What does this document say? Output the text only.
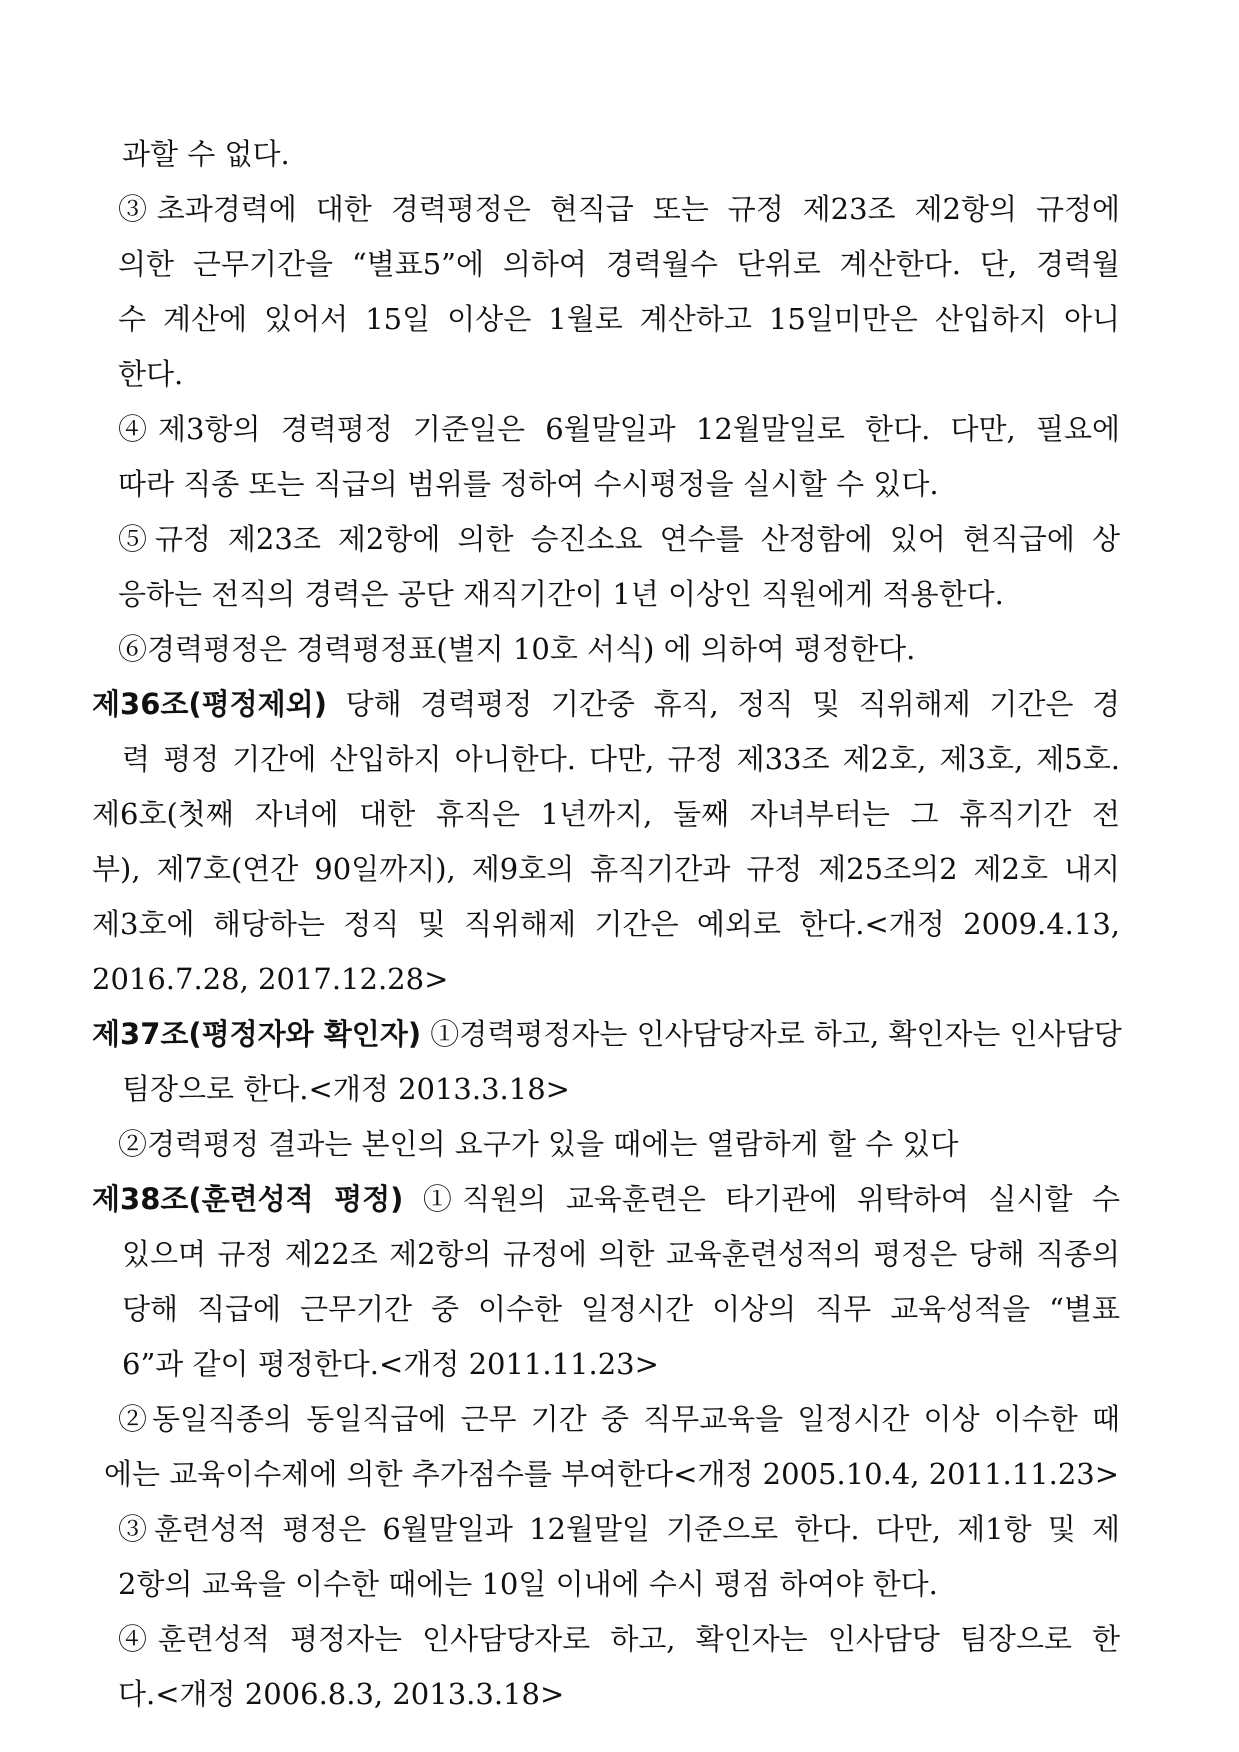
과할 수 없다.
③초과경력에 대한 경력평정은 현직급 또는 규정 제23조 제2항의 규정에
의한 근무기간을 “별표5”에 의하여 경력월수 단위로 계산한다. 단, 경력월
수 계산에 있어서 15일 이상은 1월로 계산하고 15일미만은 산입하지 아니
한다.
④제3항의 경력평정 기준일은 6월말일과 12월말일로 한다. 다만, 필요에
따라 직종 또는 직급의 범위를 정하여 수시평정을 실시할 수 있다.
⑤규정 제23조 제2항에 의한 승진소요 연수를 산정함에 있어 현직급에 상
응하는 전직의 경력은 공단 재직기간이 1년 이상인 직원에게 적용한다.
⑥경력평정은 경력평정표(별지 10호 서식) 에 의하여 평정한다.
제36조(평정제외) 당해 경력평정 기간중 휴직, 정직 및 직위해제 기간은 경
력 평정 기간에 산입하지 아니한다. 다만, 규정 제33조 제2호, 제3호, 제5호.
제6호(첫째 자녀에 대한 휴직은 1년까지, 둘째 자녀부터는 그 휴직기간 전
부), 제7호(연간 90일까지), 제9호의 휴직기간과 규정 제25조의2 제2호 내지
제3호에 해당하는 정직 및 직위해제 기간은 예외로 한다.<개정 2009.4.13,
2016.7.28, 2017.12.28>
제37조(평정자와 확인자) ①경력평정자는 인사담당자로 하고, 확인자는 인사담당
팀장으로 한다.<개정 2013.3.18>
②경력평정 결과는 본인의 요구가 있을 때에는 열람하게 할 수 있다
제38조(훈련성적 평정) ①직원의 교육훈련은 타기관에 위탁하여 실시할 수
있으며 규정 제22조 제2항의 규정에 의한 교육훈련성적의 평정은 당해 직종의
당해 직급에 근무기간 중 이수한 일정시간 이상의 직무 교육성적을 “별표
6”과 같이 평정한다.<개정 2011.11.23>
②동일직종의 동일직급에 근무 기간 중 직무교육을 일정시간 이상 이수한 때
에는 교육이수제에 의한 추가점수를 부여한다<개정 2005.10.4, 2011.11.23>
③훈련성적 평정은 6월말일과 12월말일 기준으로 한다. 다만, 제1항 및 제
2항의 교육을 이수한 때에는 10일 이내에 수시 평점 하여야 한다.
④훈련성적 평정자는 인사담당자로 하고, 확인자는 인사담당 팀장으로 한
다.<개정 2006.8.3, 2013.3.18>
